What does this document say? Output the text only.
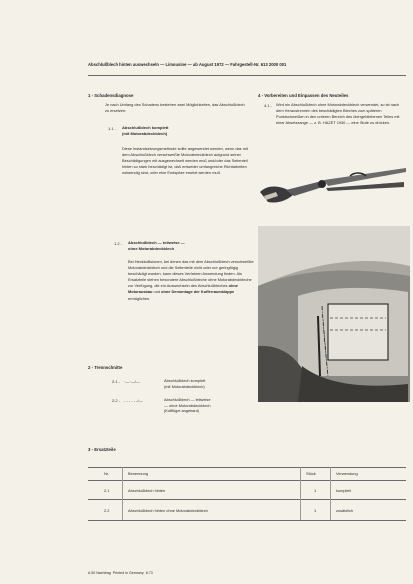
Abschlußblech hinten auswechseln — Limousine — ab August 1972 — Fahrgestell-Nr. 613 2000 001
1 - Schadensdiagnose
Je nach Umfang des Schadens bestehen zwei Möglichkeiten, das Abschlußblech zu ersetzen:
1.1 - Abschlußblech komplett
(mit Motorabdeckblech)
Diese Instandsetzungsmethode sollte angewendet werden, wenn das mit dem Abschlußblech verschweißte Motorabdeckblech aufgrund seiner Beschädigungen mit ausgewechselt werden muß und/oder das Seitenteil hinten so stark beschädigt ist, daß entweder umfangreiche Richtarbeiten notwendig sind, oder eine Endspitze ersetzt werden muß.
4 - Vorbereiten und Einpassen des Neuteiles
4.1 - Wird ein Abschlußblech ohne Motorabdeckblech verwendet, so ist nach dem Heraustrennen des beschädigten Bleches zum späteren Punktschweißen in den unteren Bereich des übergebliebenen Teiles mit einer Absetzzange — z. B. HAZET 1930 — eine Stufe zu drücken.
1.2 - Abschlußblech — teilweise —
ohne Motorabdeckblech
Bei Heckkollisionen, bei denen das mit dem Abschlußblech verschweißte Motorabdeckblech und die Seitenteile nicht oder nur geringfügig beschädigt wurden, kann dieses Verfahren Anwendung finden. Als Ersatzteile stehen besondere Abschlußbleche ohne Motorabdeckbleche zur Verfügung, die ein Auswechseln des Abschlußbleches ohne Motorausbau und ohne Demontage der Kofferraumklappe ermöglichen.
2 - Trennschnitte
2.1 - ·—·—/—	Abschlußblech komplett
(mit Motorabdeckblech)
2.2 - - - - - - -/—	Abschlußblech — teilweise
— ohne Motorabdeckblech
(Kofflügel angebaut)
3 - Ersatzteile
Nr.	Benennung	Stück	Verwendung
2.1	Abschlußblech hinten	1	komplett
2.2	Abschlußblech hinten ohne Motorabdeckblech	1	zusätzlich
A 50 Nachtrag  Printed in Germany  8.73
